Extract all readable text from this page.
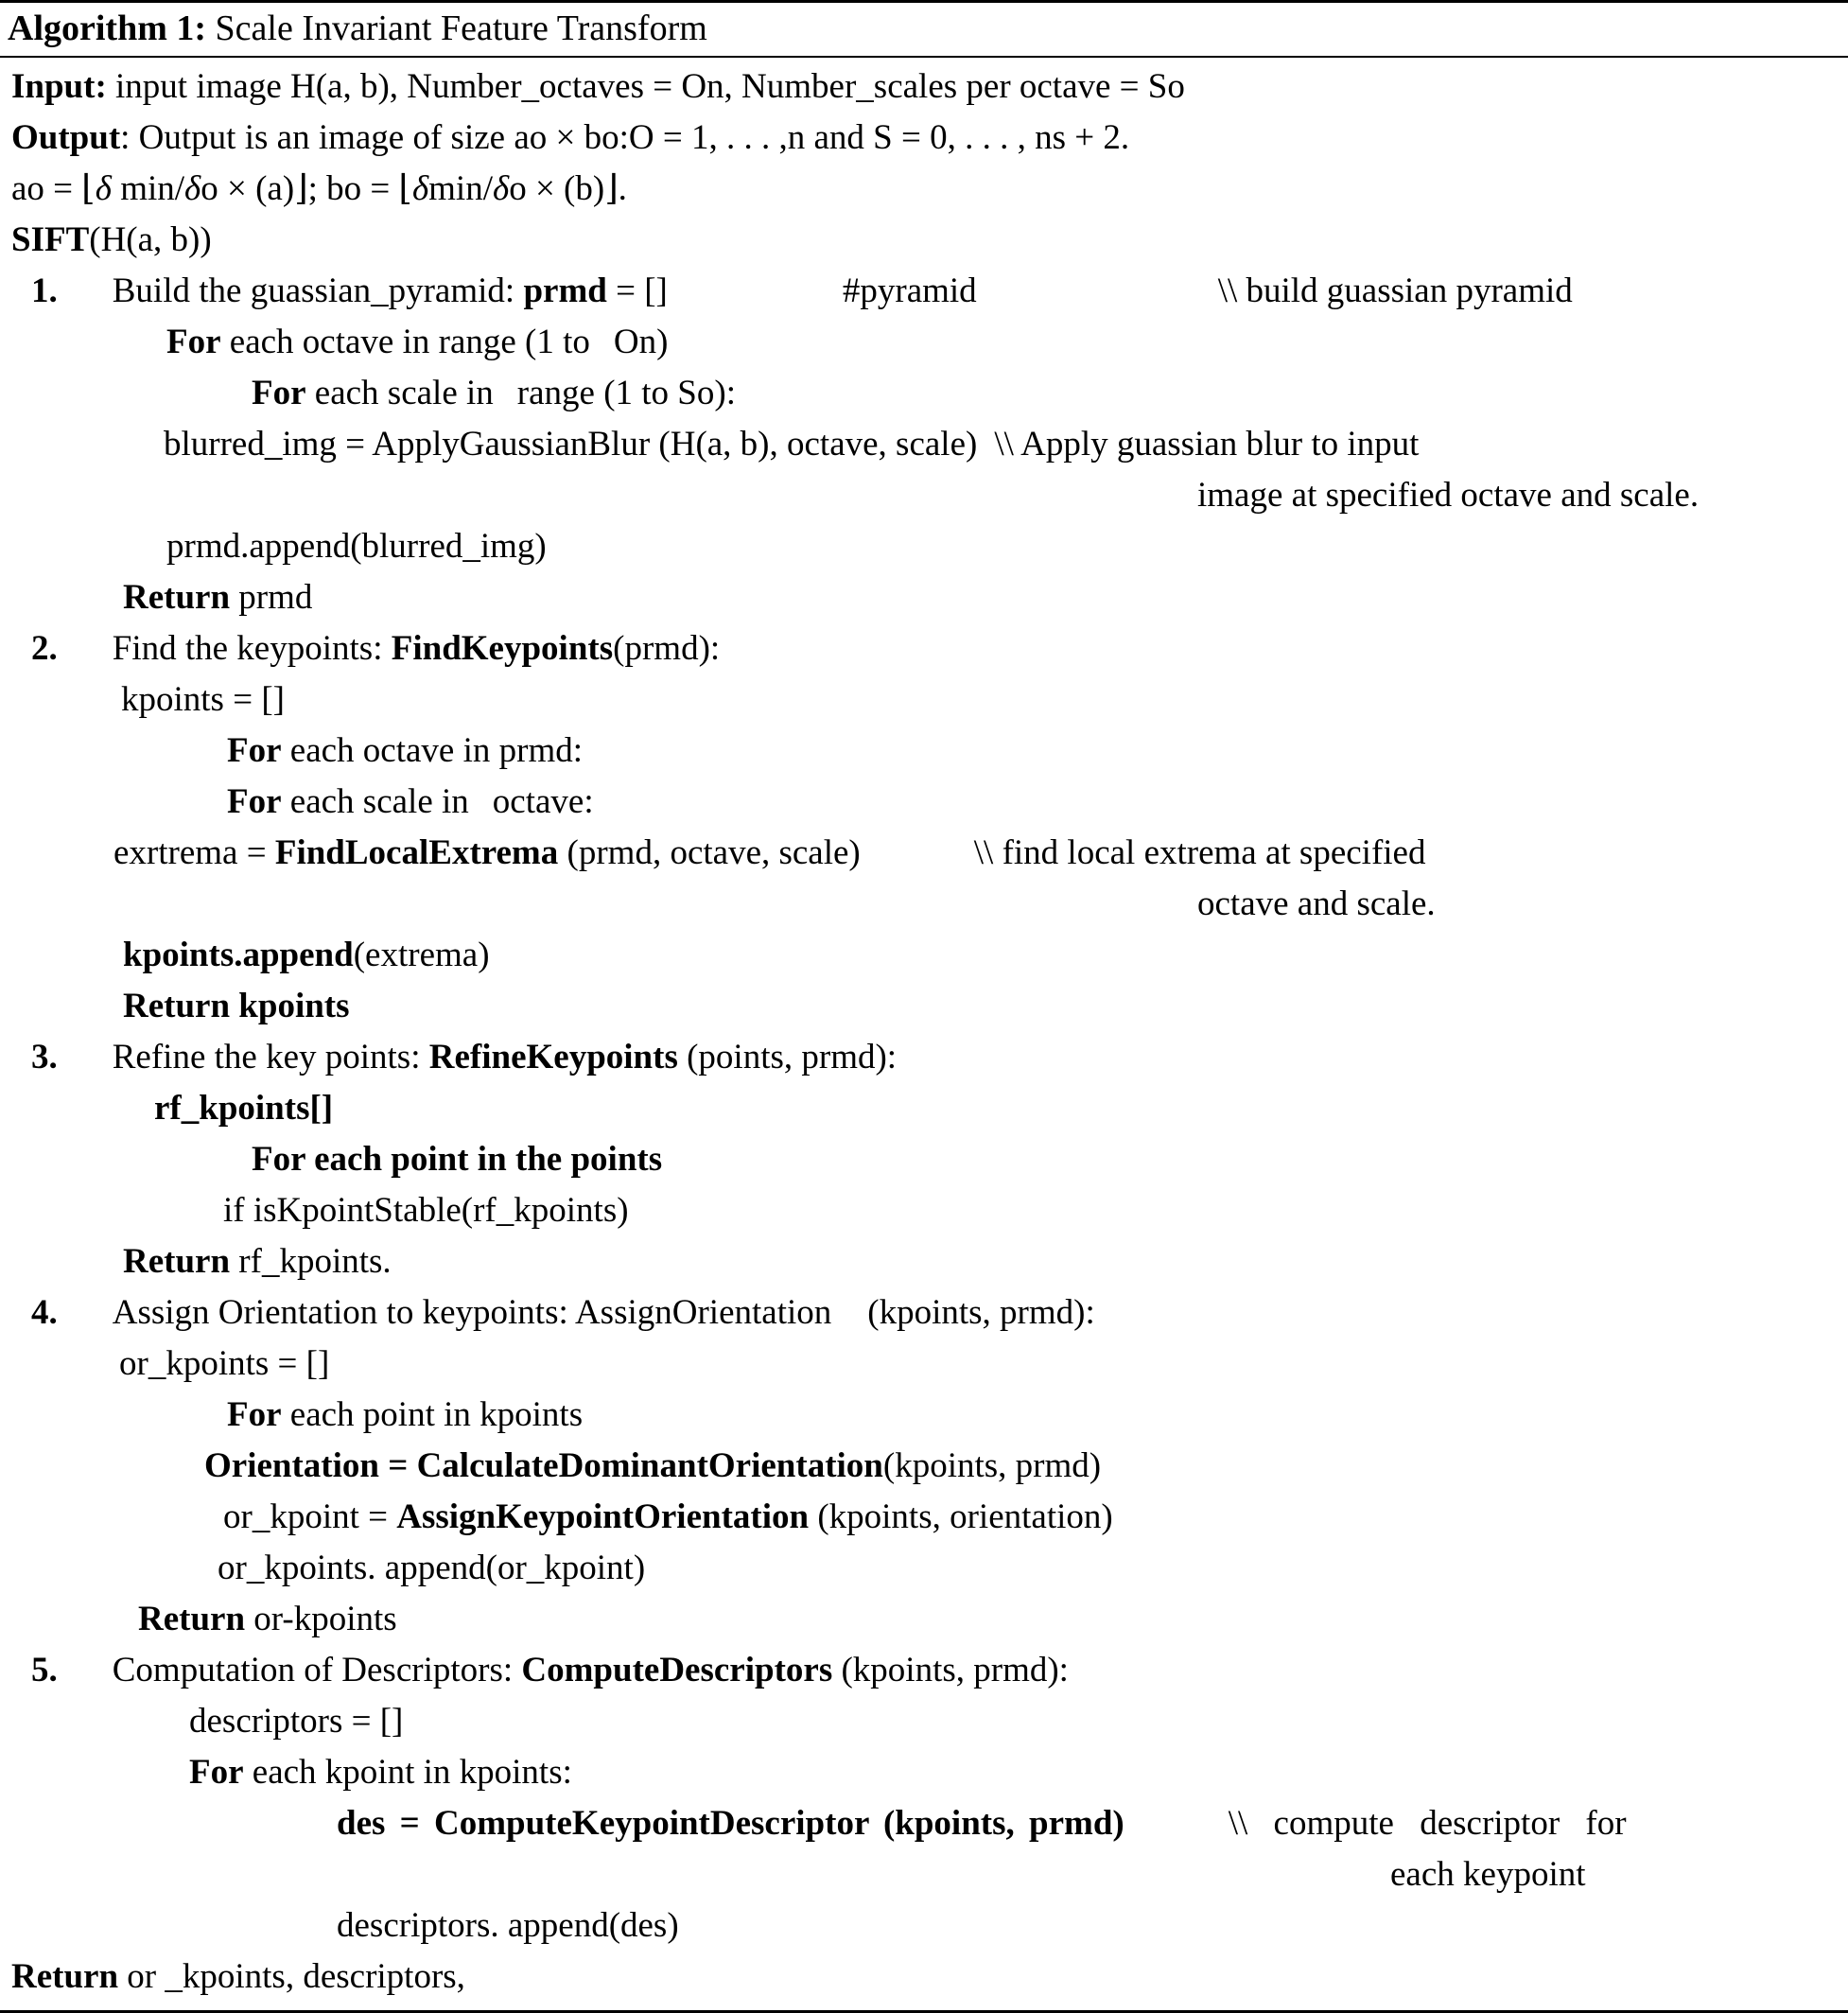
Algorithm 1: Scale Invariant Feature Transform
Input: input image H(a, b), Number_octaves = On, Number_scales per octave = So
Output: Output is an image of size ao × bo:O = 1, . . . ,n and S = 0, . . . , ns + 2.
ao = ⌊δ min/δo × (a)⌋; bo = ⌊δmin/δo × (b)⌋.
SIFT(H(a, b))
1. Build the guassian_pyramid: prmd = []	#pyramid	\\ build guassian pyramid
For each octave in range (1 to On)
For each scale in range (1 to So):
blurred_img = ApplyGaussianBlur (H(a, b), octave, scale) \\ Apply guassian blur to input
image at specified octave and scale.
prmd.append(blurred_img)
Return prmd
2. Find the keypoints: FindKeypoints(prmd):
kpoints = []
For each octave in prmd:
For each scale in octave:
exrtrema = FindLocalExtrema (prmd, octave, scale)	\\ find local extrema at specified
octave and scale.
kpoints.append(extrema)
Return kpoints
3. Refine the key points: RefineKeypoints (points, prmd):
rf_kpoints[]
For each point in the points
if isKpointStable(rf_kpoints)
Return rf_kpoints.
4. Assign Orientation to keypoints: AssignOrientation (kpoints, prmd):
or_kpoints = []
For each point in kpoints
Orientation = CalculateDominantOrientation(kpoints, prmd)
or_kpoint = AssignKeypointOrientation (kpoints, orientation)
or_kpoints. append(or_kpoint)
Return or-kpoints
5. Computation of Descriptors: ComputeDescriptors (kpoints, prmd):
descriptors = []
For each kpoint in kpoints:
des = ComputeKeypointDescriptor (kpoints, prmd)	\\ compute descriptor for
each keypoint
descriptors. append(des)
Return or _kpoints, descriptors,
